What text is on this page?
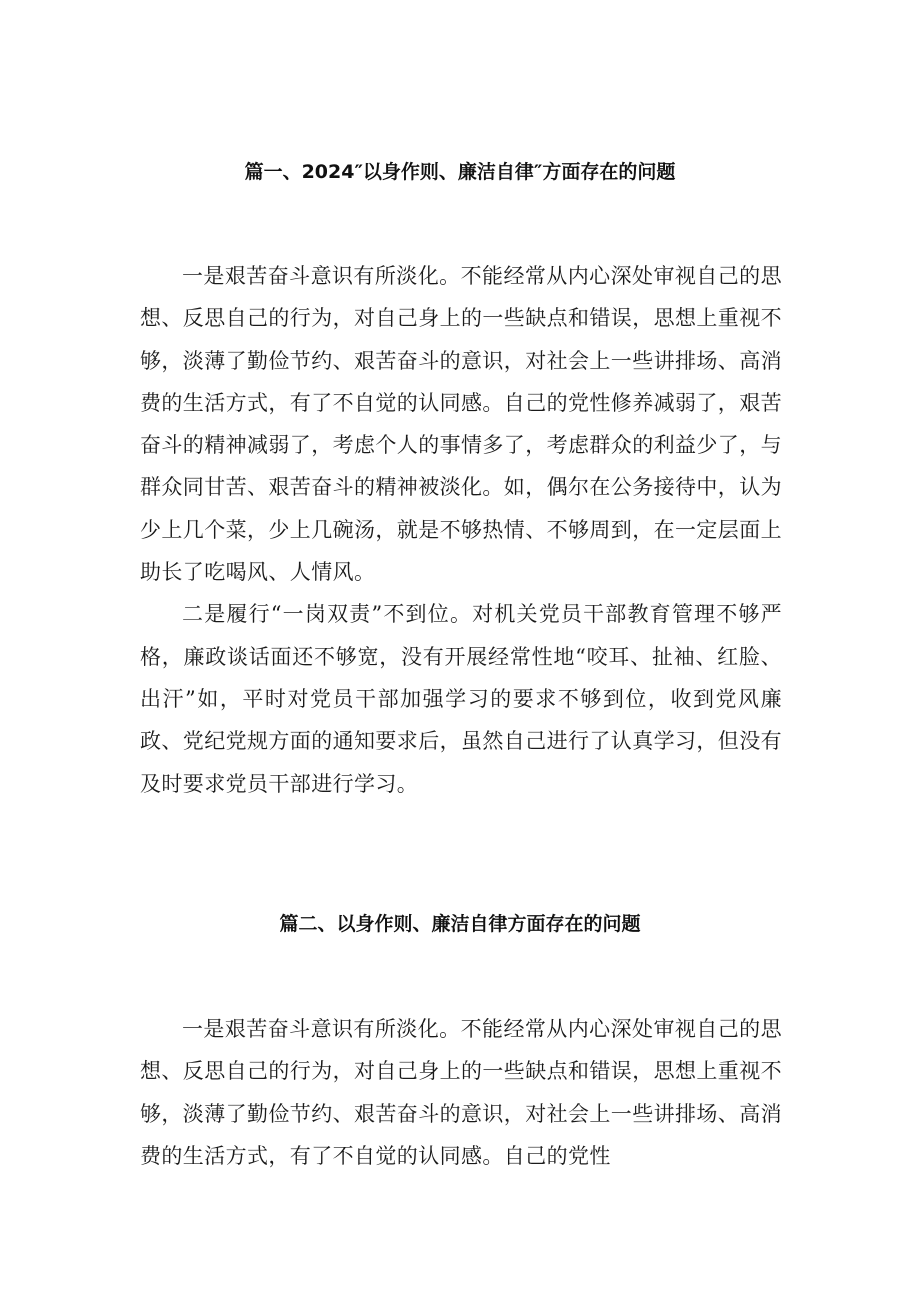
篇一、2024″以身作则、廉洁自律″方面存在的问题

一是艰苦奋斗意识有所淡化。不能经常从内心深处审视自己的思想、反思自己的行为，对自己身上的一些缺点和错误，思想上重视不够，淡薄了勤俭节约、艰苦奋斗的意识，对社会上一些讲排场、高消费的生活方式，有了不自觉的认同感。自己的党性修养减弱了，艰苦奋斗的精神减弱了，考虑个人的事情多了，考虑群众的利益少了，与群众同甘苦、艰苦奋斗的精神被淡化。如，偶尔在公务接待中，认为少上几个菜，少上几碗汤，就是不够热情、不够周到，在一定层面上助长了吃喝风、人情风。

二是履行“一岗双责”不到位。对机关党员干部教育管理不够严格，廉政谈话面还不够宽，没有开展经常性地“咬耳、扯袖、红脸、出汗”如，平时对党员干部加强学习的要求不够到位，收到党风廉政、党纪党规方面的通知要求后，虽然自己进行了认真学习，但没有及时要求党员干部进行学习。

篇二、以身作则、廉洁自律方面存在的问题

一是艰苦奋斗意识有所淡化。不能经常从内心深处审视自己的思想、反思自己的行为，对自己身上的一些缺点和错误，思想上重视不够，淡薄了勤俭节约、艰苦奋斗的意识，对社会上一些讲排场、高消费的生活方式，有了不自觉的认同感。自己的党性
